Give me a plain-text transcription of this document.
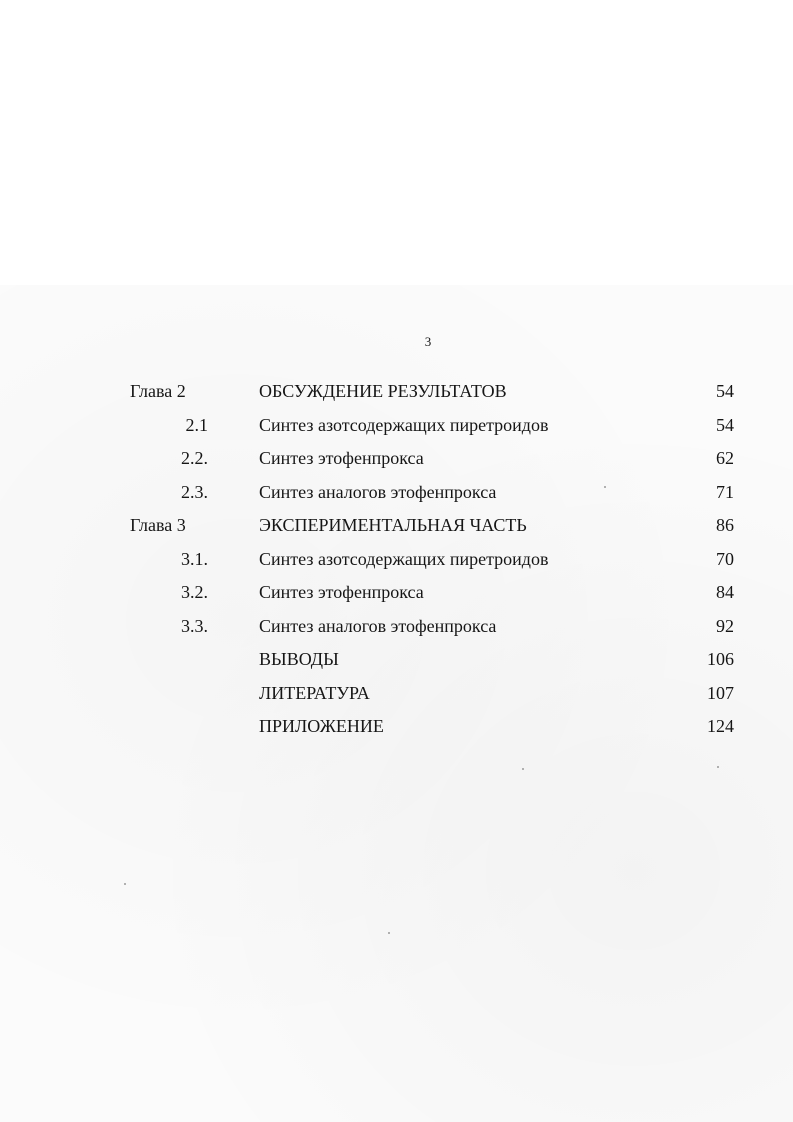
3
Глава 2	ОБСУЖДЕНИЕ РЕЗУЛЬТАТОВ	54
2.1	Синтез азотсодержащих пиретроидов	54
2.2.	Синтез этофенпрокса	62
2.3.	Синтез аналогов этофенпрокса	71
Глава 3	ЭКСПЕРИМЕНТАЛЬНАЯ ЧАСТЬ	86
3.1.	Синтез азотсодержащих пиретроидов	70
3.2.	Синтез этофенпрокса	84
3.3.	Синтез аналогов этофенпрокса	92
ВЫВОДЫ	106
ЛИТЕРАТУРА	107
ПРИЛОЖЕНИЕ	124
